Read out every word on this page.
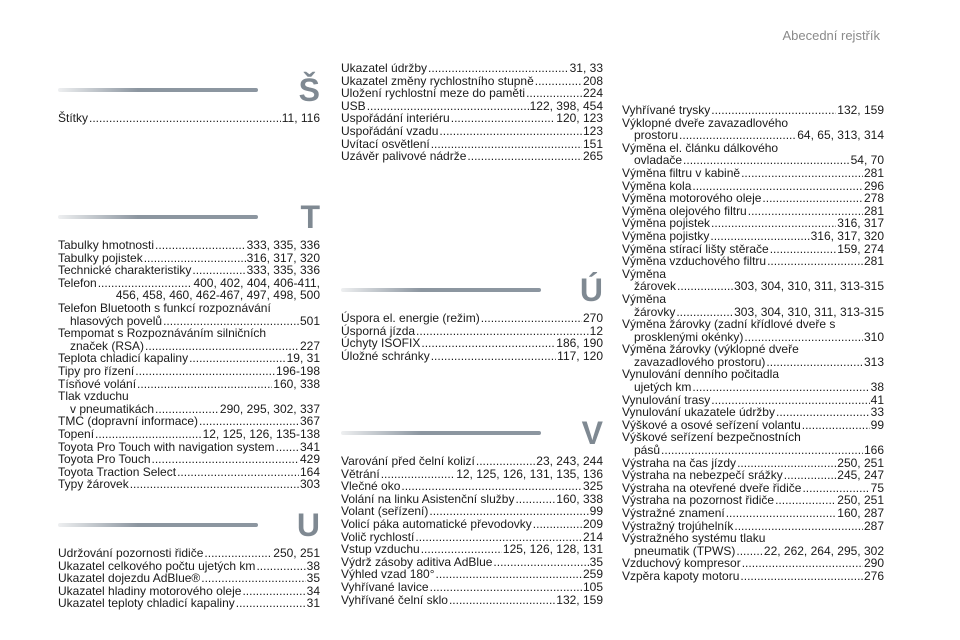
Abecední rejstřík
Š
Štítky .....	11, 116
T
Tabulky hmotnosti .....	333, 335, 336
Tabulky pojistek .....	316, 317, 320
Technické charakteristiky .....	333, 335, 336
Telefon .....	400, 402, 404, 406-411,
456, 458, 460, 462-467, 497, 498, 500
Telefon Bluetooth s funkcí rozpoznávání
hlasových povelů .....	501
Tempomat s Rozpoznáváním silničních
značek (RSA) .....	227
Teplota chladicí kapaliny .....	19, 31
Tipy pro řízení .....	196-198
Tísňové volání .....	160, 338
Tlak vzduchu
v pneumatikách .....	290, 295, 302, 337
TMC (dopravní informace) .....	367
Topení .....	12, 125, 126, 135-138
Toyota Pro Touch with navigation system ..... 341
Toyota Pro Touch .....	429
Toyota Traction Select .....	164
Typy žárovek .....	303
U
Udržování pozornosti řidiče .....	250, 251
Ukazatel celkového počtu ujetých km .....	38
Ukazatel dojezdu AdBlue® .....	35
Ukazatel hladiny motorového oleje .....	34
Ukazatel teploty chladicí kapaliny .....	31
Ukazatel údržby .....	31, 33
Ukazatel změny rychlostního stupně .....	208
Uložení rychlostní meze do paměti .....	224
USB .....	122, 398, 454
Uspořádání interiéru .....	120, 123
Uspořádání vzadu .....	123
Uvítací osvětlení .....	151
Uzávěr palivové nádrže .....	265
Ú
Úspora el. energie (režim) .....	270
Úsporná jízda .....	12
Úchyty ISOFIX .....	186, 190
Úložné schránky .....	117, 120
V
Varování před čelní kolizí .....	23, 243, 244
Větrání .....	12, 125, 126, 131, 135, 136
Vlečné oko .....	325
Volání na linku Asistenční služby .....	160, 338
Volant (seřízení) .....	99
Volicí páka automatické převodovky .....	209
Volič rychlostí .....	214
Vstup vzduchu .....	125, 126, 128, 131
Výdrž zásoby aditiva AdBlue .....	35
Výhled vzad 180° .....	259
Vyhřívané lavice .....	105
Vyhřívané čelní sklo .....	132, 159
Vyhřívané trysky .....	132, 159
Výklopné dveře zavazadlového
prostoru .....	64, 65, 313, 314
Výměna el. článku dálkového
ovladače .....	54, 70
Výměna filtru v kabině .....	281
Výměna kola .....	296
Výměna motorového oleje .....	278
Výměna olejového filtru .....	281
Výměna pojistek .....	316, 317
Výměna pojistky .....	316, 317, 320
Výměna stírací lišty stěrače .....	159, 274
Výměna vzduchového filtru .....	281
Výměna
žárovek .....	303, 304, 310, 311, 313-315
Výměna
žárovky .....	303, 304, 310, 311, 313-315
Výměna žárovky (zadní křídlové dveře s
prosklenými okénky) .....	310
Výměna žárovky (výklopné dveře
zavazadlového prostoru) .....	313
Vynulování denního počitadla
ujetých km .....	38
Vynulování trasy .....	41
Vynulování ukazatele údržby .....	33
Výškové a osové seřízení volantu .....	99
Výškové seřízení bezpečnostních
pásů .....	166
Výstraha na čas jízdy .....	250, 251
Výstraha na nebezpečí srážky .....	245, 247
Výstraha na otevřené dveře řidiče .....	75
Výstraha na pozornost řidiče .....	250, 251
Výstražné znamení .....	160, 287
Výstražný trojúhelník .....	287
Výstražného systému tlaku
pneumatik (TPWS) ..... 22, 262, 264, 295, 302
Vzduchový kompresor .....	290
Vzpěra kapoty motoru .....	276
